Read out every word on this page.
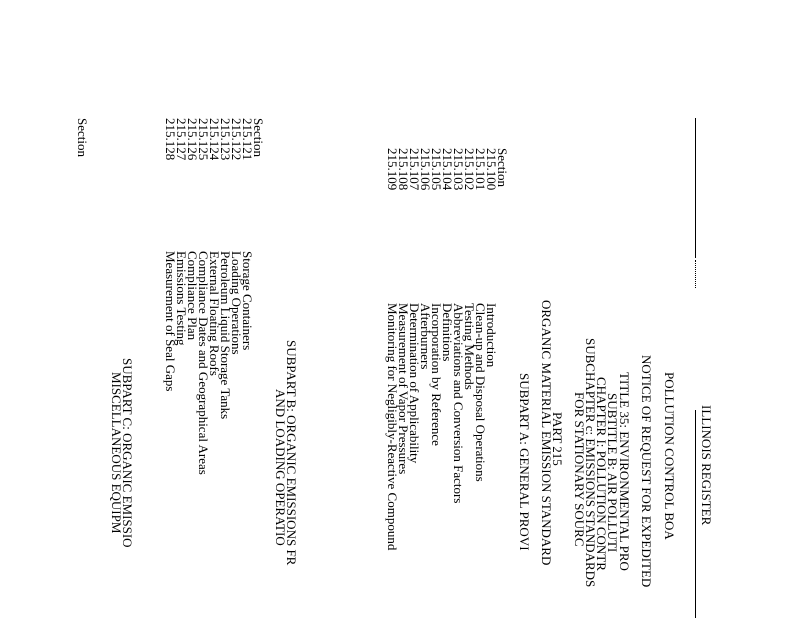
ILLINOIS REGISTER
POLLUTION CONTROL BOA
NOTICE OF REQUEST FOR EXPEDITED
TITLE 35: ENVIRONMENTAL PRO
SUBTITLE B: AIR POLLUTI
CHAPTER I: POLLUTION CONTR
SUBCHAPTER c: EMISSIONS STANDARDS
FOR STATIONARY SOURC
PART 215
ORGANIC MATERIAL EMISSION STANDARD
SUBPART A: GENERAL PROVI
Section
215.100
Introduction
215.101
Clean-up and Disposal Operations
215.102
Testing Methods
215.103
Abbreviations and Conversion Factors
215.104
Definitions
215.105
Incorporation by Reference
215.106
Afterburners
215.107
Determination of Applicability
215.108
Measurement of Vapor Pressures
215.109
Monitoring for Negligibly-Reactive Compound
SUBPART B: ORGANIC EMISSIONS FR
AND LOADING OPERATIO
Section
215.121
Storage Containers
215.122
Loading Operations
215.123
Petroleum Liquid Storage Tanks
215.124
External Floating Roofs
215.125
Compliance Dates and Geographical Areas
215.126
Compliance Plan
215.127
Emissions Testing
215.128
Measurement of Seal Gaps
SUBPART C: ORGANIC EMISSIO
MISCELLANEOUS EQUIPM
Section
